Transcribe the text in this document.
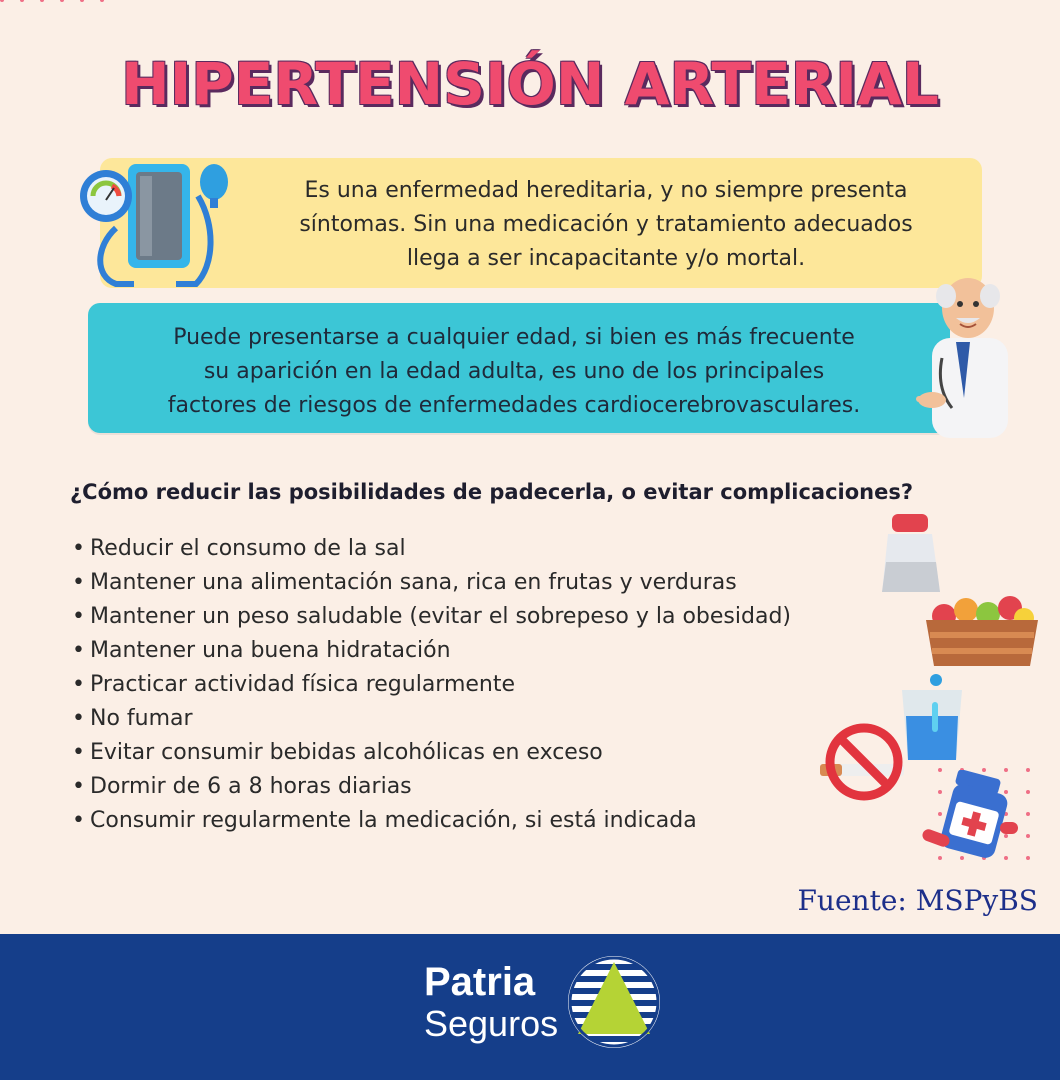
HIPERTENSIÓN ARTERIAL
Es una enfermedad hereditaria, y no siempre presenta
síntomas. Sin una medicación y tratamiento adecuados
llega a ser incapacitante y/o mortal.
Puede presentarse a cualquier edad, si bien es más frecuente
su aparición en la edad adulta, es uno de los principales
factores de riesgos de enfermedades cardiocerebrovasculares.
¿Cómo reducir las posibilidades de padecerla, o evitar complicaciones?
• Reducir el consumo de la sal
• Mantener una alimentación sana, rica en frutas y verduras
• Mantener un peso saludable (evitar el sobrepeso y la obesidad)
• Mantener una buena hidratación
• Practicar actividad física regularmente
• No fumar
• Evitar consumir bebidas alcohólicas en exceso
• Dormir de 6 a 8 horas diarias
• Consumir regularmente la medicación, si está indicada
Fuente: MSPyBS
Patria
Seguros
